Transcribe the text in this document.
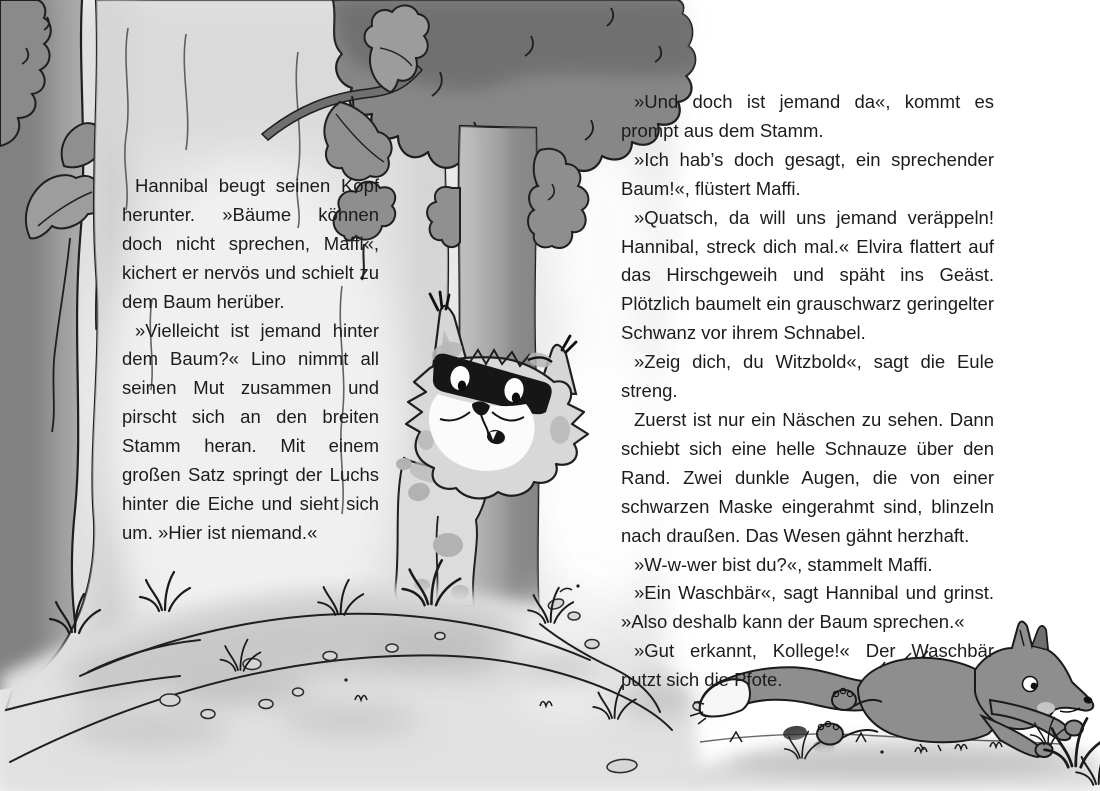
Hannibal beugt seinen Kopf herunter. »Bäume können doch nicht sprechen, Maffi«, kichert er nervös und schielt zu dem Baum herüber.

»Vielleicht ist jemand hinter dem Baum?« Lino nimmt all seinen Mut zusammen und pirscht sich an den breiten Stamm heran. Mit einem großen Satz springt der Luchs hinter die Eiche und sieht sich um. »Hier ist niemand.«

»Und doch ist jemand da«, kommt es prompt aus dem Stamm.

»Ich hab’s doch gesagt, ein sprechender Baum!«, flüstert Maffi.

»Quatsch, da will uns jemand veräppeln! Hannibal, streck dich mal.« Elvira flattert auf das Hirschgeweih und späht ins Geäst. Plötzlich baumelt ein grauschwarz geringelter Schwanz vor ihrem Schnabel.

»Zeig dich, du Witzbold«, sagt die Eule streng.

Zuerst ist nur ein Näschen zu sehen. Dann schiebt sich eine helle Schnauze über den Rand. Zwei dunkle Augen, die von einer schwarzen Maske eingerahmt sind, blinzeln nach draußen. Das Wesen gähnt herzhaft.

»W-w-wer bist du?«, stammelt Maffi.

»Ein Waschbär«, sagt Hannibal und grinst. »Also deshalb kann der Baum sprechen.«

»Gut erkannt, Kollege!« Der Waschbär putzt sich die Pfote.
